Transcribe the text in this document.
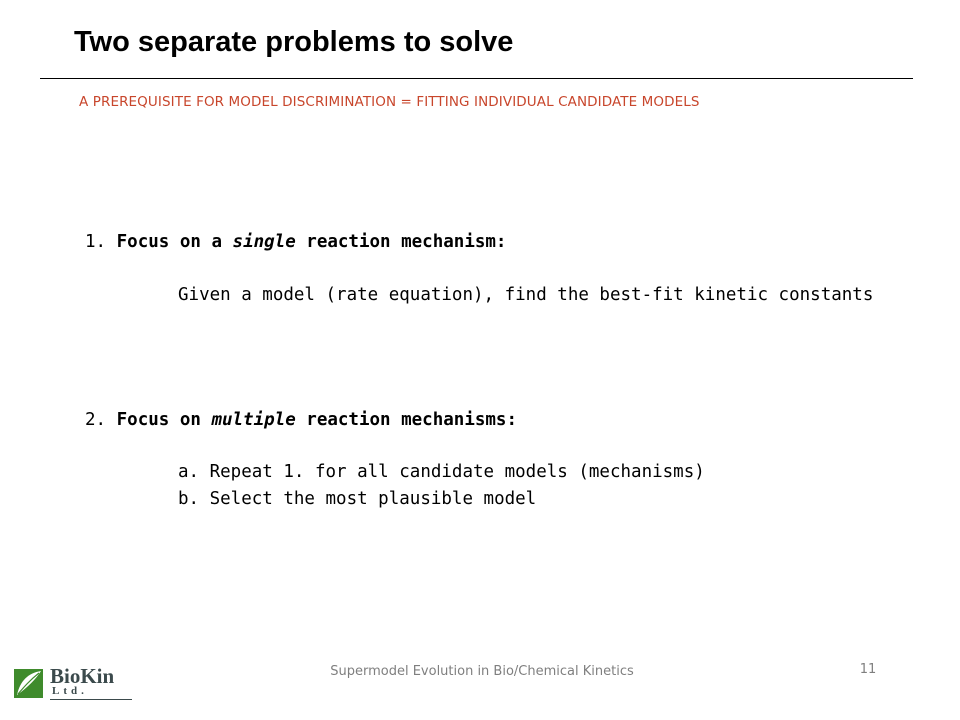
Two separate problems to solve
A PREREQUISITE FOR MODEL DISCRIMINATION = FITTING INDIVIDUAL CANDIDATE MODELS
1. Focus on a single reaction mechanism:
Given a model (rate equation), find the best-fit kinetic constants
2. Focus on multiple reaction mechanisms:
a. Repeat 1. for all candidate models (mechanisms)
b. Select the most plausible model
Supermodel Evolution in Bio/Chemical Kinetics	11
BioKin
Ltd.
